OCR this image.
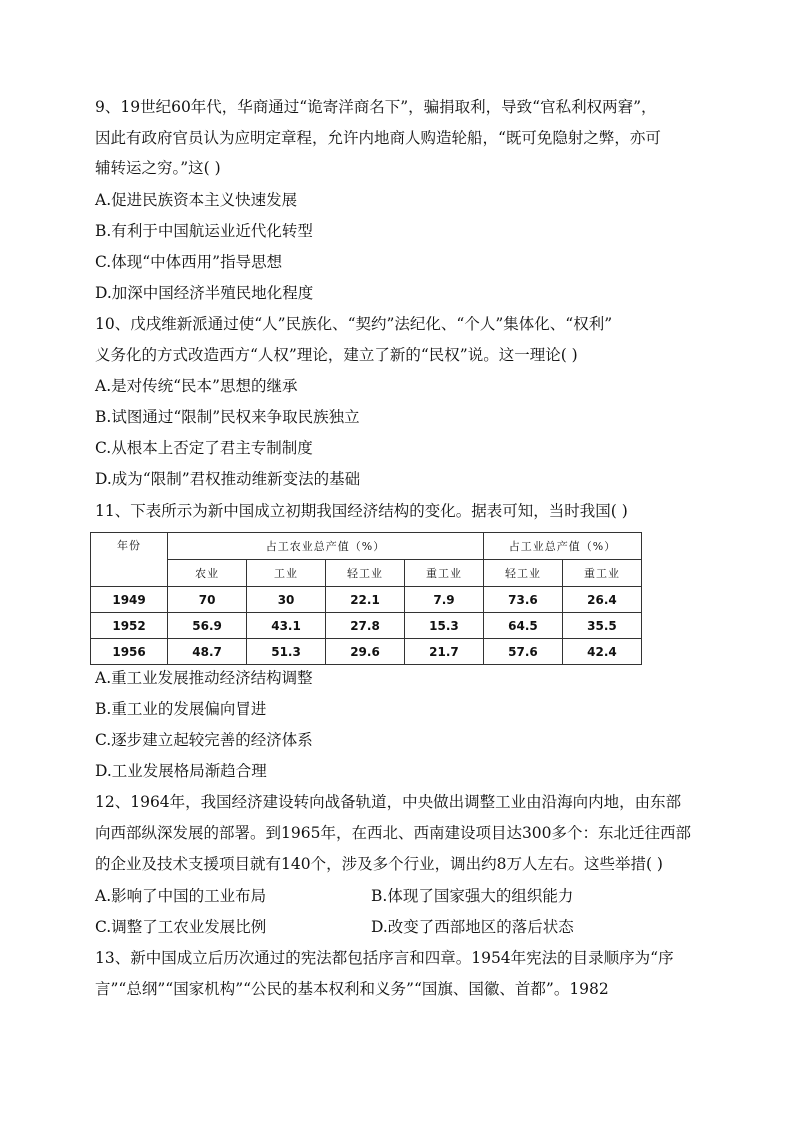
9、19世纪60年代，华商通过“诡寄洋商名下”，骗捐取利，导致“官私利权两窘”，
因此有政府官员认为应明定章程，允许内地商人购造轮船，“既可免隐射之弊，亦可
辅转运之穷。”这( )
A.促进民族资本主义快速发展
B.有利于中国航运业近代化转型
C.体现“中体西用”指导思想
D.加深中国经济半殖民地化程度
10、戊戌维新派通过使“人”民族化、“契约”法纪化、“个人”集体化、“权利”
义务化的方式改造西方“人权”理论，建立了新的“民权”说。这一理论( )
A.是对传统“民本”思想的继承
B.试图通过“限制”民权来争取民族独立
C.从根本上否定了君主专制制度
D.成为“限制”君权推动维新变法的基础
11、下表所示为新中国成立初期我国经济结构的变化。据表可知，当时我国( )
年份	占工农业总产值（%）				占工业总产值（%）	
	农业	工业	轻工业	重工业	轻工业	重工业
1949	70	30	22.1	7.9	73.6	26.4
1952	56.9	43.1	27.8	15.3	64.5	35.5
1956	48.7	51.3	29.6	21.7	57.6	42.4
A.重工业发展推动经济结构调整
B.重工业的发展偏向冒进
C.逐步建立起较完善的经济体系
D.工业发展格局渐趋合理
12、1964年，我国经济建设转向战备轨道，中央做出调整工业由沿海向内地，由东部
向西部纵深发展的部署。到1965年，在西北、西南建设项目达300多个：东北迁往西部
的企业及技术支援项目就有140个，涉及多个行业，调出约8万人左右。这些举措( )
A.影响了中国的工业布局	B.体现了国家强大的组织能力
C.调整了工农业发展比例	D.改变了西部地区的落后状态
13、新中国成立后历次通过的宪法都包括序言和四章。1954年宪法的目录顺序为“序
言”“总纲”“国家机构”“公民的基本权利和义务”“国旗、国徽、首都”。1982
